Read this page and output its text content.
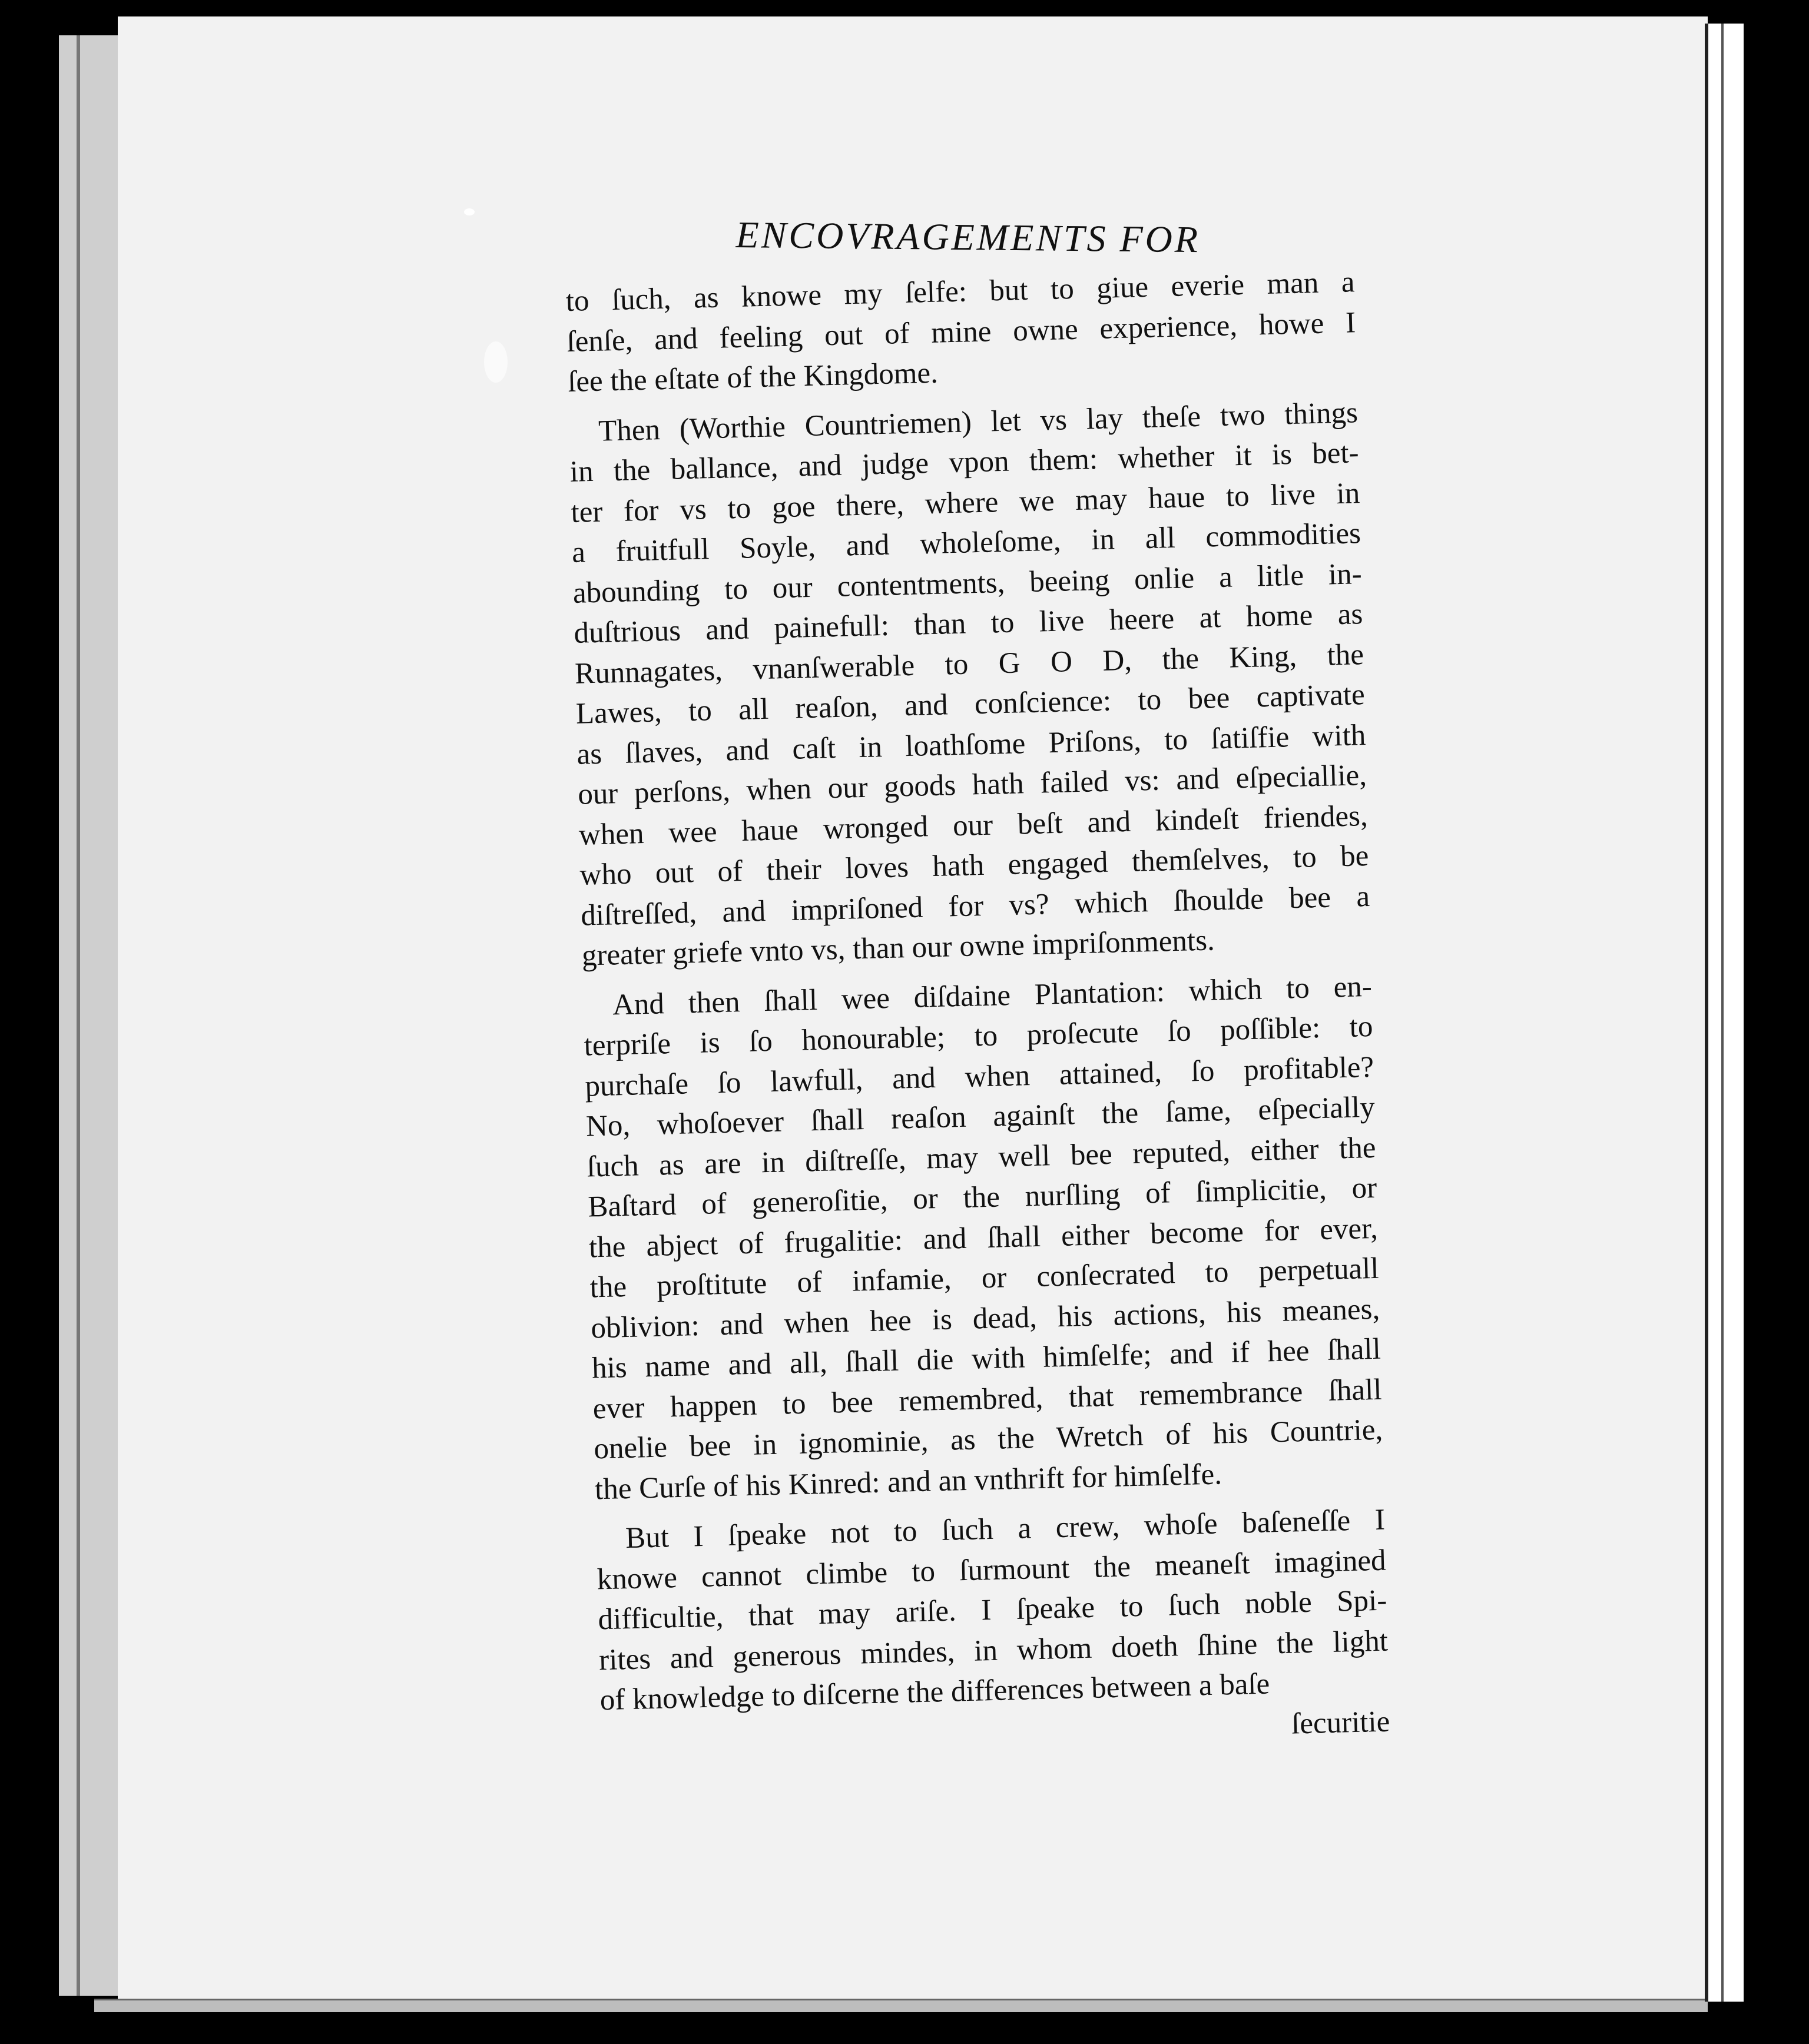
ENCOVRAGEMENTS FOR
to ſuch, as knowe my ſelfe: but to giue everie man a
ſenſe, and feeling out of mine owne experience, howe I
ſee the eſtate of the Kingdome.
Then (Worthie Countriemen) let vs lay theſe two things
in the ballance, and judge vpon them: whether it is bet-
ter for vs to goe there, where we may haue to live in
a fruitfull Soyle, and wholeſome, in all commodities
abounding to our contentments, beeing onlie a litle in-
duſtrious and painefull: than to live heere at home as
Runnagates, vnanſwerable to G O D, the King, the
Lawes, to all reaſon, and conſcience: to bee captivate
as ſlaves, and caſt in loathſome Priſons, to ſatiſfie with
our perſons, when our goods hath failed vs: and eſpeciallie,
when wee haue wronged our beſt and kindeſt friendes,
who out of their loves hath engaged themſelves, to be
diſtreſſed, and impriſoned for vs? which ſhoulde bee a
greater griefe vnto vs, than our owne impriſonments.
And then ſhall wee diſdaine Plantation: which to en-
terpriſe is ſo honourable; to proſecute ſo poſſible: to
purchaſe ſo lawfull, and when attained, ſo profitable?
No, whoſoever ſhall reaſon againſt the ſame, eſpecially
ſuch as are in diſtreſſe, may well bee reputed, either the
Baſtard of generoſitie, or the nurſling of ſimplicitie, or
the abject of frugalitie: and ſhall either become for ever,
the proſtitute of infamie, or conſecrated to perpetuall
oblivion: and when hee is dead, his actions, his meanes,
his name and all, ſhall die with himſelfe; and if hee ſhall
ever happen to bee remembred, that remembrance ſhall
onelie bee in ignominie, as the Wretch of his Countrie,
the Curſe of his Kinred: and an vnthrift for himſelfe.
But I ſpeake not to ſuch a crew, whoſe baſeneſſe I
knowe cannot climbe to ſurmount the meaneſt imagined
difficultie, that may ariſe. I ſpeake to ſuch noble Spi-
rites and generous mindes, in whom doeth ſhine the light
of knowledge to diſcerne the differences between a baſe
ſecuritie
